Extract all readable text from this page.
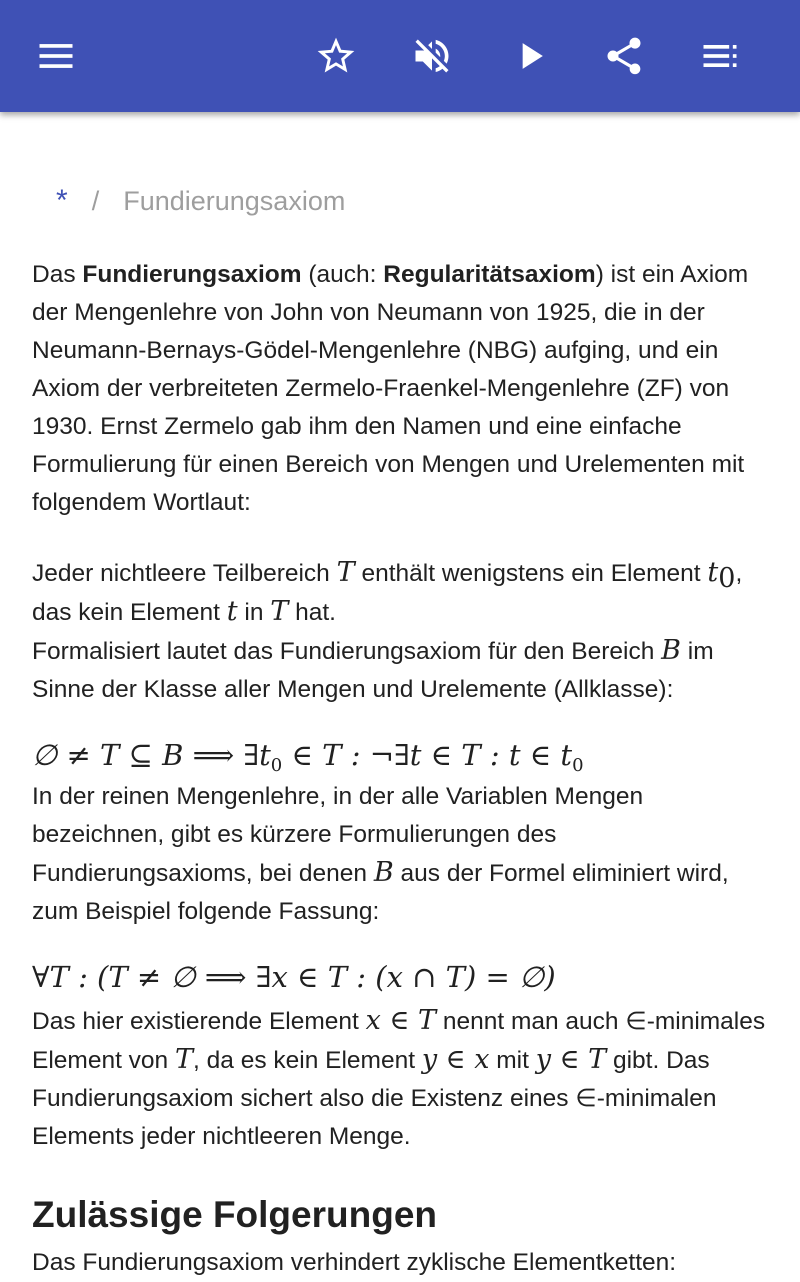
* / Fundierungsaxiom

Das Fundierungsaxiom (auch: Regularitätsaxiom) ist ein Axiom der Mengenlehre von John von Neumann von 1925, die in der Neumann-Bernays-Gödel-Mengenlehre (NBG) aufging, und ein Axiom der verbreiteten Zermelo-Fraenkel-Mengenlehre (ZF) von 1930. Ernst Zermelo gab ihm den Namen und eine einfache Formulierung für einen Bereich von Mengen und Urelementen mit folgendem Wortlaut:

Jeder nichtleere Teilbereich T enthält wenigstens ein Element $t_0$, das kein Element t in T hat.
Formalisiert lautet das Fundierungsaxiom für den Bereich B im Sinne der Klasse aller Mengen und Urelemente (Allklasse):

∅ ≠ T ⊆ B ⟹ $\exists t_0$ ∈ T : ¬∃t ∈ T : t ∈ $t_0$

In der reinen Mengenlehre, in der alle Variablen Mengen bezeichnen, gibt es kürzere Formulierungen des Fundierungsaxioms, bei denen B aus der Formel eliminiert wird, zum Beispiel folgende Fassung:

∀T : (T ≠ ∅ ⟹ ∃x ∈ T : (x ∩ T) = ∅)

Das hier existierende Element x ∈ T nennt man auch ∈-minimales Element von T, da es kein Element y ∈ x mit y ∈ T gibt. Das Fundierungsaxiom sichert also die Existenz eines ∈-minimalen Elements jeder nichtleeren Menge.

Zulässige Folgerungen

Das Fundierungsaxiom verhindert zyklische Elementketten:
